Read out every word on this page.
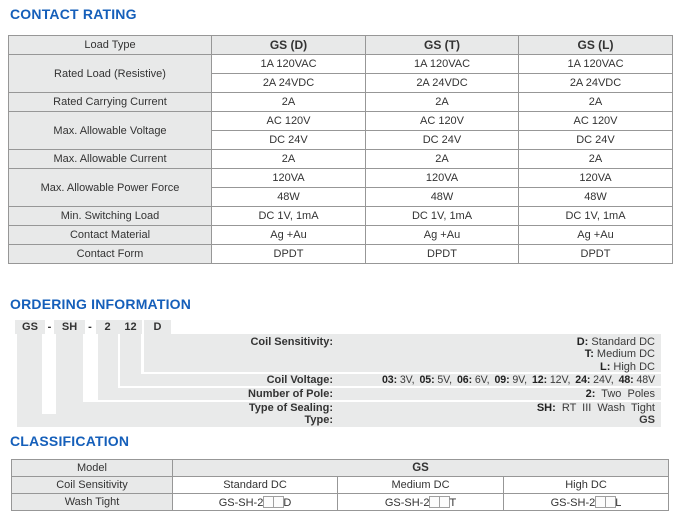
CONTACT RATING
Load Type	GS (D)	GS (T)	GS (L)
Rated Load (Resistive)	1A 120VAC	1A 120VAC	1A 120VAC
	2A 24VDC	2A 24VDC	2A 24VDC
Rated Carrying Current	2A	2A	2A
Max. Allowable Voltage	AC 120V	AC 120V	AC 120V
	DC 24V	DC 24V	DC 24V
Max. Allowable Current	2A	2A	2A
Max. Allowable Power Force	120VA	120VA	120VA
	48W	48W	48W
Min. Switching Load	DC 1V, 1mA	DC 1V, 1mA	DC 1V, 1mA
Contact Material	Ag +Au	Ag +Au	Ag +Au
Contact Form	DPDT	DPDT	DPDT
ORDERING INFORMATION
GS - SH	-	2	12	D
Coil Sensitivity:	D: Standard DC
T: Medium DC
L: High DC
Coil Voltage:	03: 3V, 05: 5V, 06: 6V, 09: 9V, 12: 12V, 24: 24V, 48: 48V
Number of Pole:	2: Two Poles
Type of Sealing:	SH: RT III Wash Tight
Type:	GS
CLASSIFICATION
Model	GS		
Coil Sensitivity	Standard DC	Medium DC	High DC
Wash Tight	GS-SH-2 D	GS-SH-2 T	GS-SH-2 L
